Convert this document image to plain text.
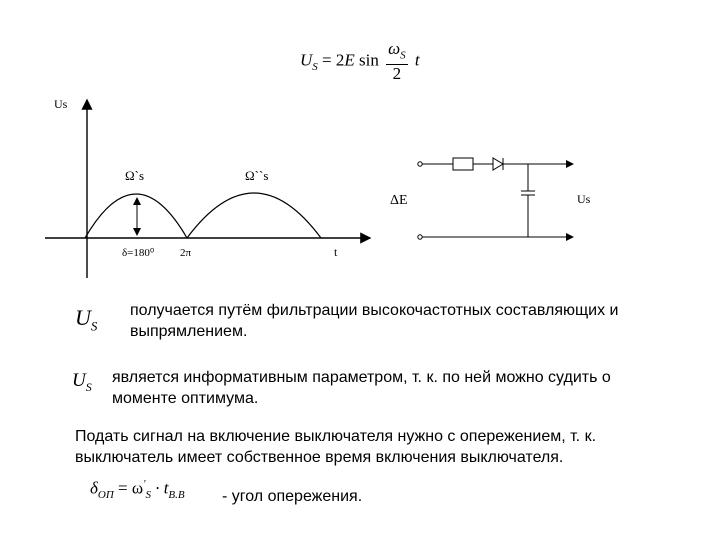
$U_S = 2E$ $\sin \frac{\omega_S}{2}$ t
Us
t
Ω`s	Ω``s
δ=180⁰ 2π
ΔE	Us
$U_S$
получается путём фильтрации высокочастотных составляющих и
выпрямлением.
$U_S$
является информативным параметром, т. к. по ней можно судить о
моменте оптимума.
Подать сигнал на включение выключателя нужно с опережением, т. к.
выключатель имеет собственное время включения выключателя.
$\delta_{ОП} = \omega'_S \cdot t_{В.В}$ - угол опережения.
